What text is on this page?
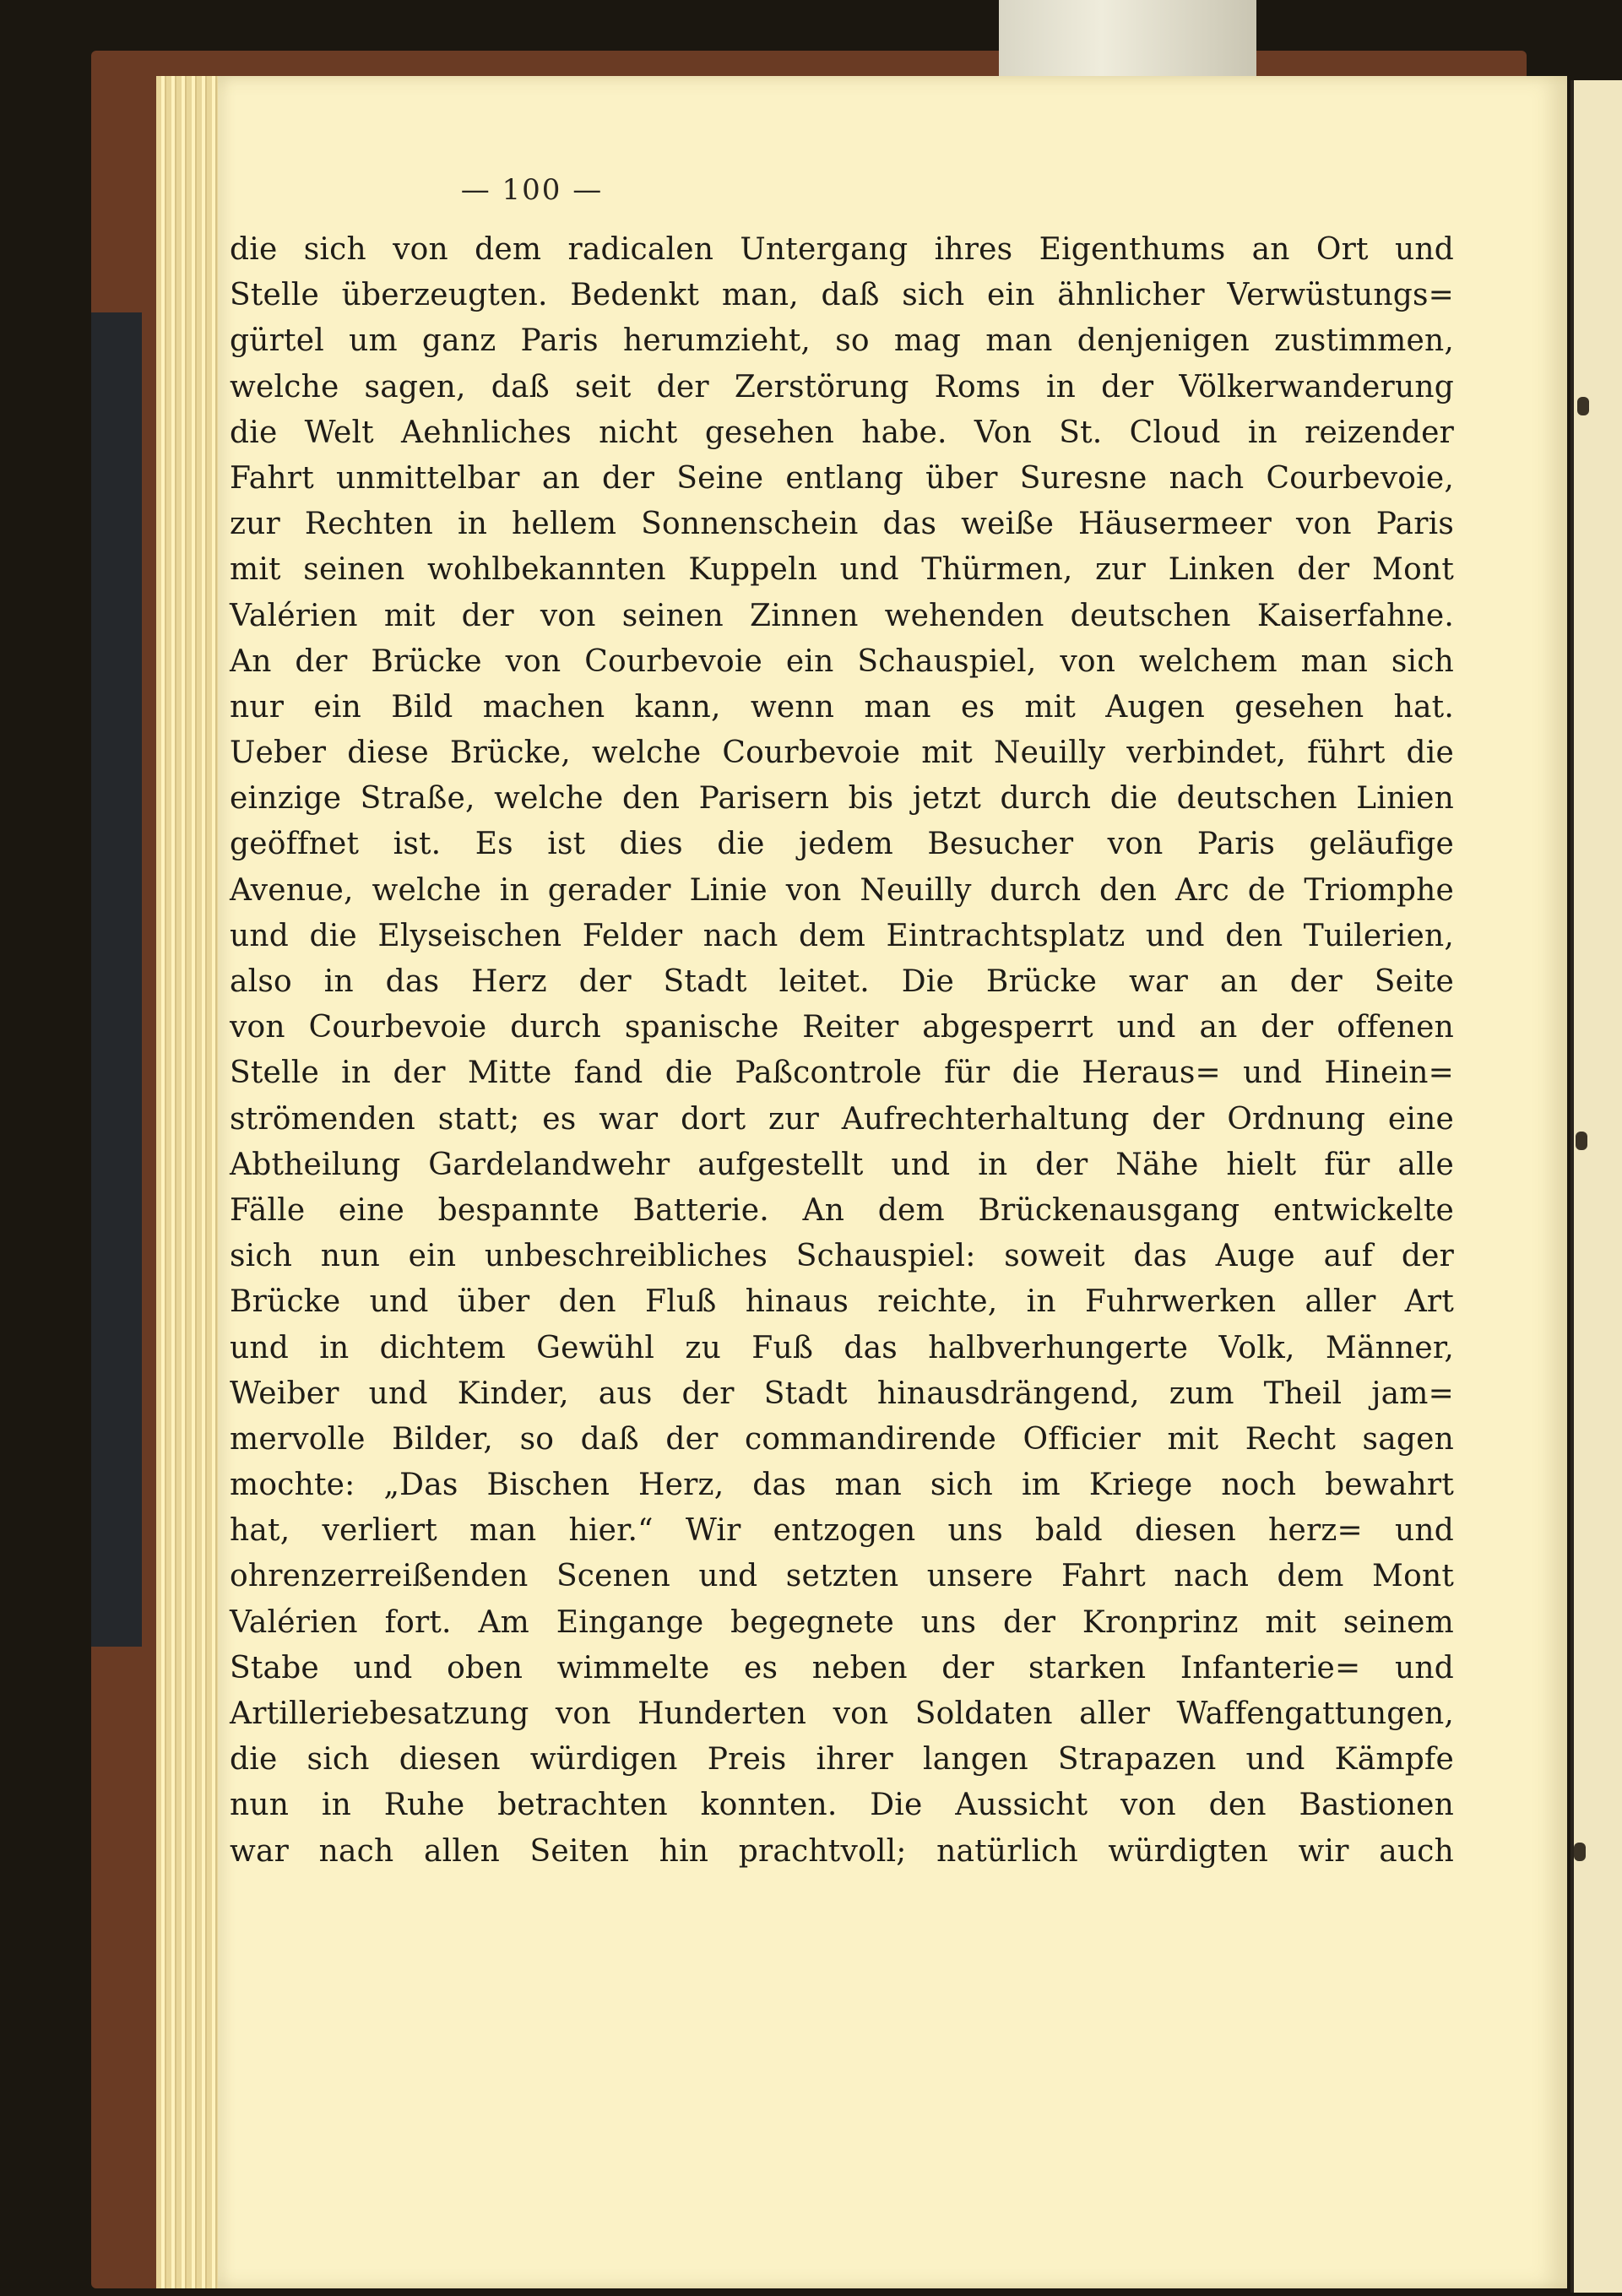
— 100 —
die sich von dem radicalen Untergang ihres Eigenthums an Ort und
Stelle überzeugten. Bedenkt man, daß sich ein ähnlicher Verwüstungs=
gürtel um ganz Paris herumzieht, so mag man denjenigen zustimmen,
welche sagen, daß seit der Zerstörung Roms in der Völkerwanderung
die Welt Aehnliches nicht gesehen habe. Von St. Cloud in reizender
Fahrt unmittelbar an der Seine entlang über Suresne nach Courbevoie,
zur Rechten in hellem Sonnenschein das weiße Häusermeer von Paris
mit seinen wohlbekannten Kuppeln und Thürmen, zur Linken der Mont
Valérien mit der von seinen Zinnen wehenden deutschen Kaiserfahne.
An der Brücke von Courbevoie ein Schauspiel, von welchem man sich
nur ein Bild machen kann, wenn man es mit Augen gesehen hat.
Ueber diese Brücke, welche Courbevoie mit Neuilly verbindet, führt die
einzige Straße, welche den Parisern bis jetzt durch die deutschen Linien
geöffnet ist. Es ist dies die jedem Besucher von Paris geläufige
Avenue, welche in gerader Linie von Neuilly durch den Arc de Triomphe
und die Elyseischen Felder nach dem Eintrachtsplatz und den Tuilerien,
also in das Herz der Stadt leitet. Die Brücke war an der Seite
von Courbevoie durch spanische Reiter abgesperrt und an der offenen
Stelle in der Mitte fand die Paßcontrole für die Heraus= und Hinein=
strömenden statt; es war dort zur Aufrechterhaltung der Ordnung eine
Abtheilung Gardelandwehr aufgestellt und in der Nähe hielt für alle
Fälle eine bespannte Batterie. An dem Brückenausgang entwickelte
sich nun ein unbeschreibliches Schauspiel: soweit das Auge auf der
Brücke und über den Fluß hinaus reichte, in Fuhrwerken aller Art
und in dichtem Gewühl zu Fuß das halbverhungerte Volk, Männer,
Weiber und Kinder, aus der Stadt hinausdrängend, zum Theil jam=
mervolle Bilder, so daß der commandirende Officier mit Recht sagen
mochte: „Das Bischen Herz, das man sich im Kriege noch bewahrt
hat, verliert man hier.“ Wir entzogen uns bald diesen herz= und
ohrenzerreißenden Scenen und setzten unsere Fahrt nach dem Mont
Valérien fort. Am Eingange begegnete uns der Kronprinz mit seinem
Stabe und oben wimmelte es neben der starken Infanterie= und
Artilleriebesatzung von Hunderten von Soldaten aller Waffengattungen,
die sich diesen würdigen Preis ihrer langen Strapazen und Kämpfe
nun in Ruhe betrachten konnten. Die Aussicht von den Bastionen
war nach allen Seiten hin prachtvoll; natürlich würdigten wir auch
